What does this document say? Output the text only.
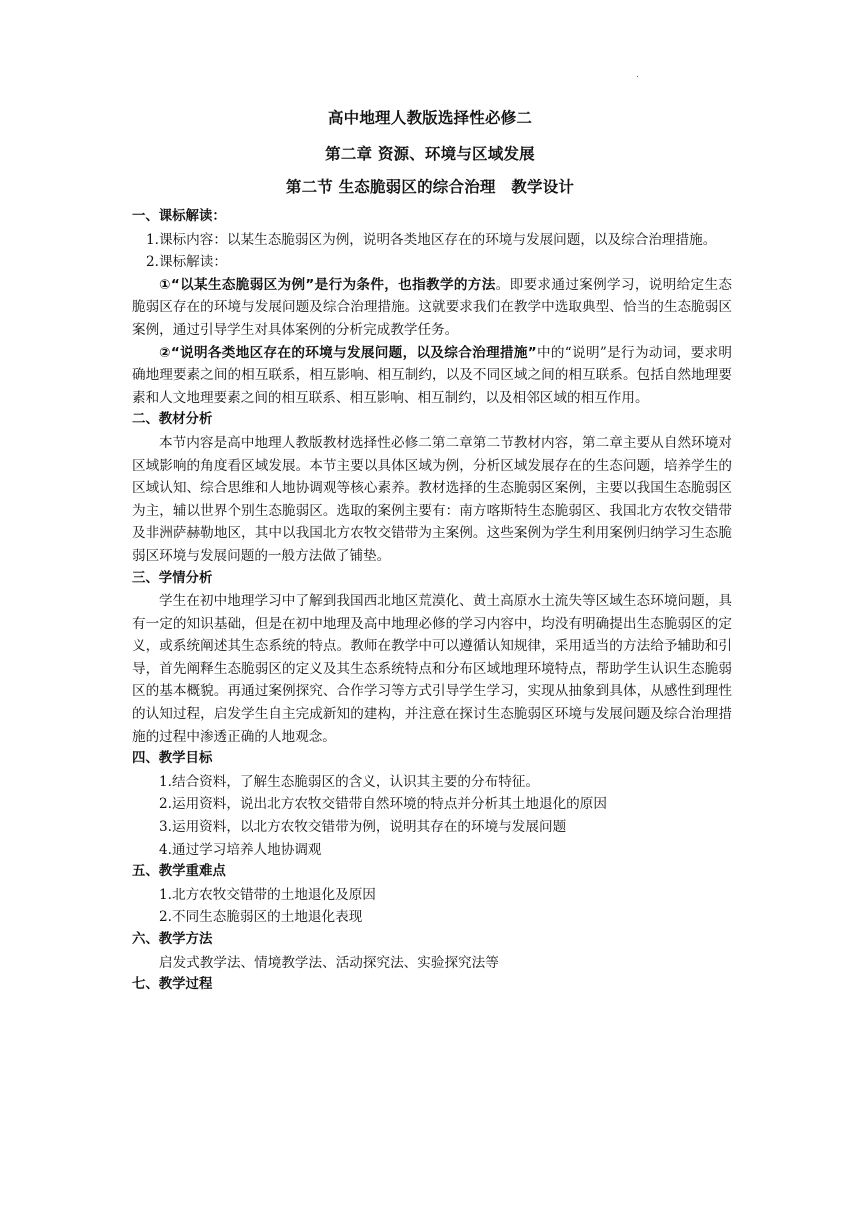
.
高中地理人教版选择性必修二
第二章 资源、环境与区域发展
第二节 生态脆弱区的综合治理　教学设计

一、课标解读：

1.课标内容：以某生态脆弱区为例，说明各类地区存在的环境与发展问题，以及综合治理措施。

2.课标解读：

①“以某生态脆弱区为例”是行为条件，也指教学的方法。即要求通过案例学习，说明给定生态脆弱区存在的环境与发展问题及综合治理措施。这就要求我们在教学中选取典型、恰当的生态脆弱区案例，通过引导学生对具体案例的分析完成教学任务。

②“说明各类地区存在的环境与发展问题，以及综合治理措施”中的“说明”是行为动词，要求明确地理要素之间的相互联系，相互影响、相互制约，以及不同区域之间的相互联系。包括自然地理要素和人文地理要素之间的相互联系、相互影响、相互制约，以及相邻区域的相互作用。

二、教材分析

本节内容是高中地理人教版教材选择性必修二第二章第二节教材内容，第二章主要从自然环境对区域影响的角度看区域发展。本节主要以具体区域为例，分析区域发展存在的生态问题，培养学生的区域认知、综合思维和人地协调观等核心素养。教材选择的生态脆弱区案例，主要以我国生态脆弱区为主，辅以世界个别生态脆弱区。选取的案例主要有：南方喀斯特生态脆弱区、我国北方农牧交错带及非洲萨赫勒地区，其中以我国北方农牧交错带为主案例。这些案例为学生利用案例归纳学习生态脆弱区环境与发展问题的一般方法做了铺垫。

三、学情分析

学生在初中地理学习中了解到我国西北地区荒漠化、黄土高原水土流失等区域生态环境问题，具有一定的知识基础，但是在初中地理及高中地理必修的学习内容中，均没有明确提出生态脆弱区的定义，或系统阐述其生态系统的特点。教师在教学中可以遵循认知规律，采用适当的方法给予辅助和引导，首先阐释生态脆弱区的定义及其生态系统特点和分布区域地理环境特点，帮助学生认识生态脆弱区的基本概貌。再通过案例探究、合作学习等方式引导学生学习，实现从抽象到具体，从感性到理性的认知过程，启发学生自主完成新知的建构，并注意在探讨生态脆弱区环境与发展问题及综合治理措施的过程中渗透正确的人地观念。

四、教学目标

1.结合资料，了解生态脆弱区的含义，认识其主要的分布特征。

2.运用资料，说出北方农牧交错带自然环境的特点并分析其土地退化的原因

3.运用资料，以北方农牧交错带为例，说明其存在的环境与发展问题

4.通过学习培养人地协调观

五、教学重难点

1.北方农牧交错带的土地退化及原因

2.不同生态脆弱区的土地退化表现

六、教学方法

启发式教学法、情境教学法、活动探究法、实验探究法等

七、教学过程
